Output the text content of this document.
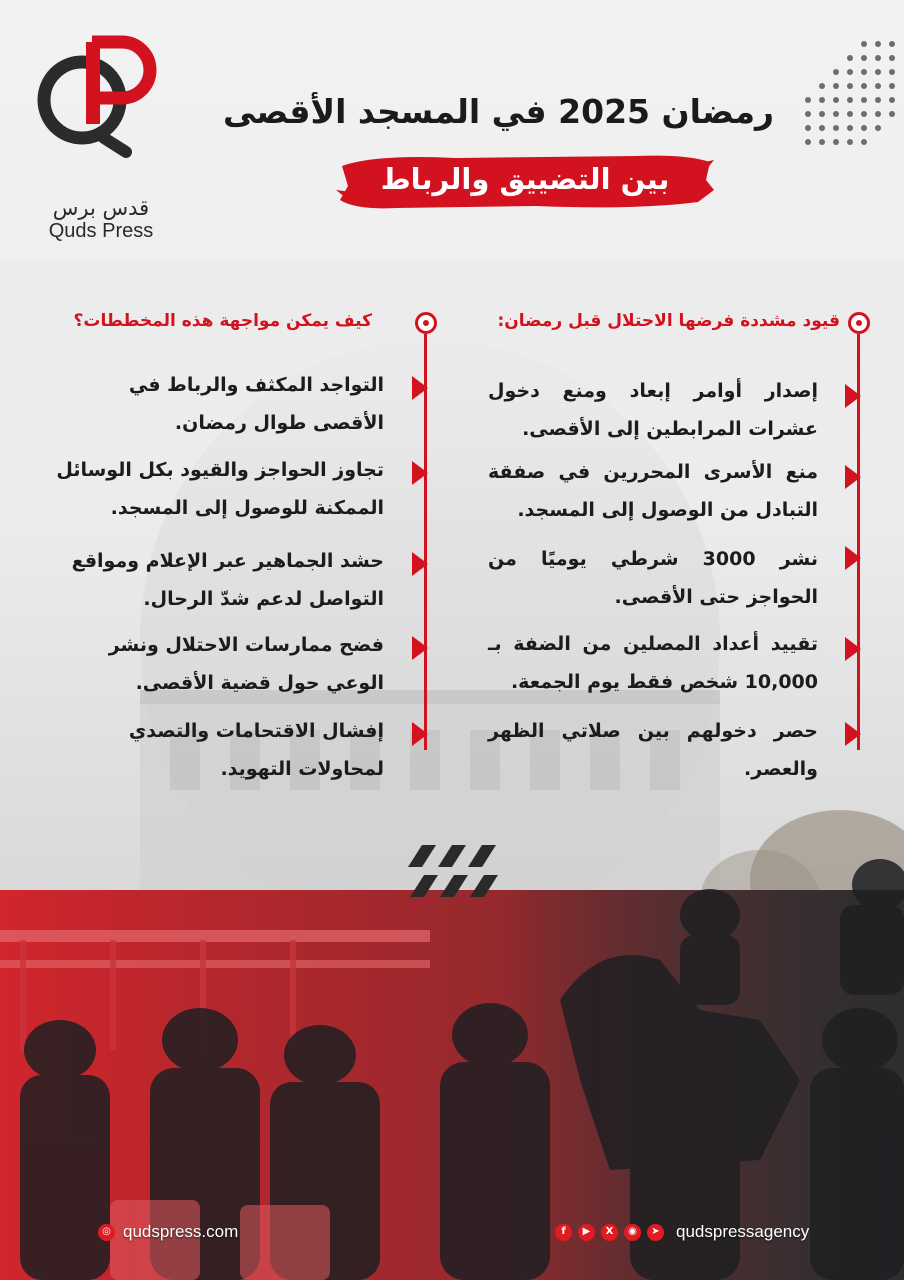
قدس برس
Quds Press
رمضان 2025 في المسجد الأقصى
بين التضييق والرباط
قيود مشددة فرضها الاحتلال قبل رمضان:
إصدار أوامر إبعاد ومنع دخول عشرات المرابطين إلى الأقصى.
منع الأسرى المحررين في صفقة التبادل من الوصول إلى المسجد.
نشر 3000 شرطي يوميًا من الحواجز حتى الأقصى.
تقييد أعداد المصلين من الضفة بـ 10,000 شخص فقط يوم الجمعة.
حصر دخولهم بين صلاتي الظهر والعصر.
كيف يمكن مواجهة هذه المخططات؟
التواجد المكثف والرباط في الأقصى طوال رمضان.
تجاوز الحواجز والقيود بكل الوسائل الممكنة للوصول إلى المسجد.
حشد الجماهير عبر الإعلام ومواقع التواصل لدعم شدّ الرحال.
فضح ممارسات الاحتلال ونشر الوعي حول قضية الأقصى.
إفشال الاقتحامات والتصدي لمحاولات التهويد.
◎ qudspress.com	f	▶	X	◉	➤ qudspressagency
